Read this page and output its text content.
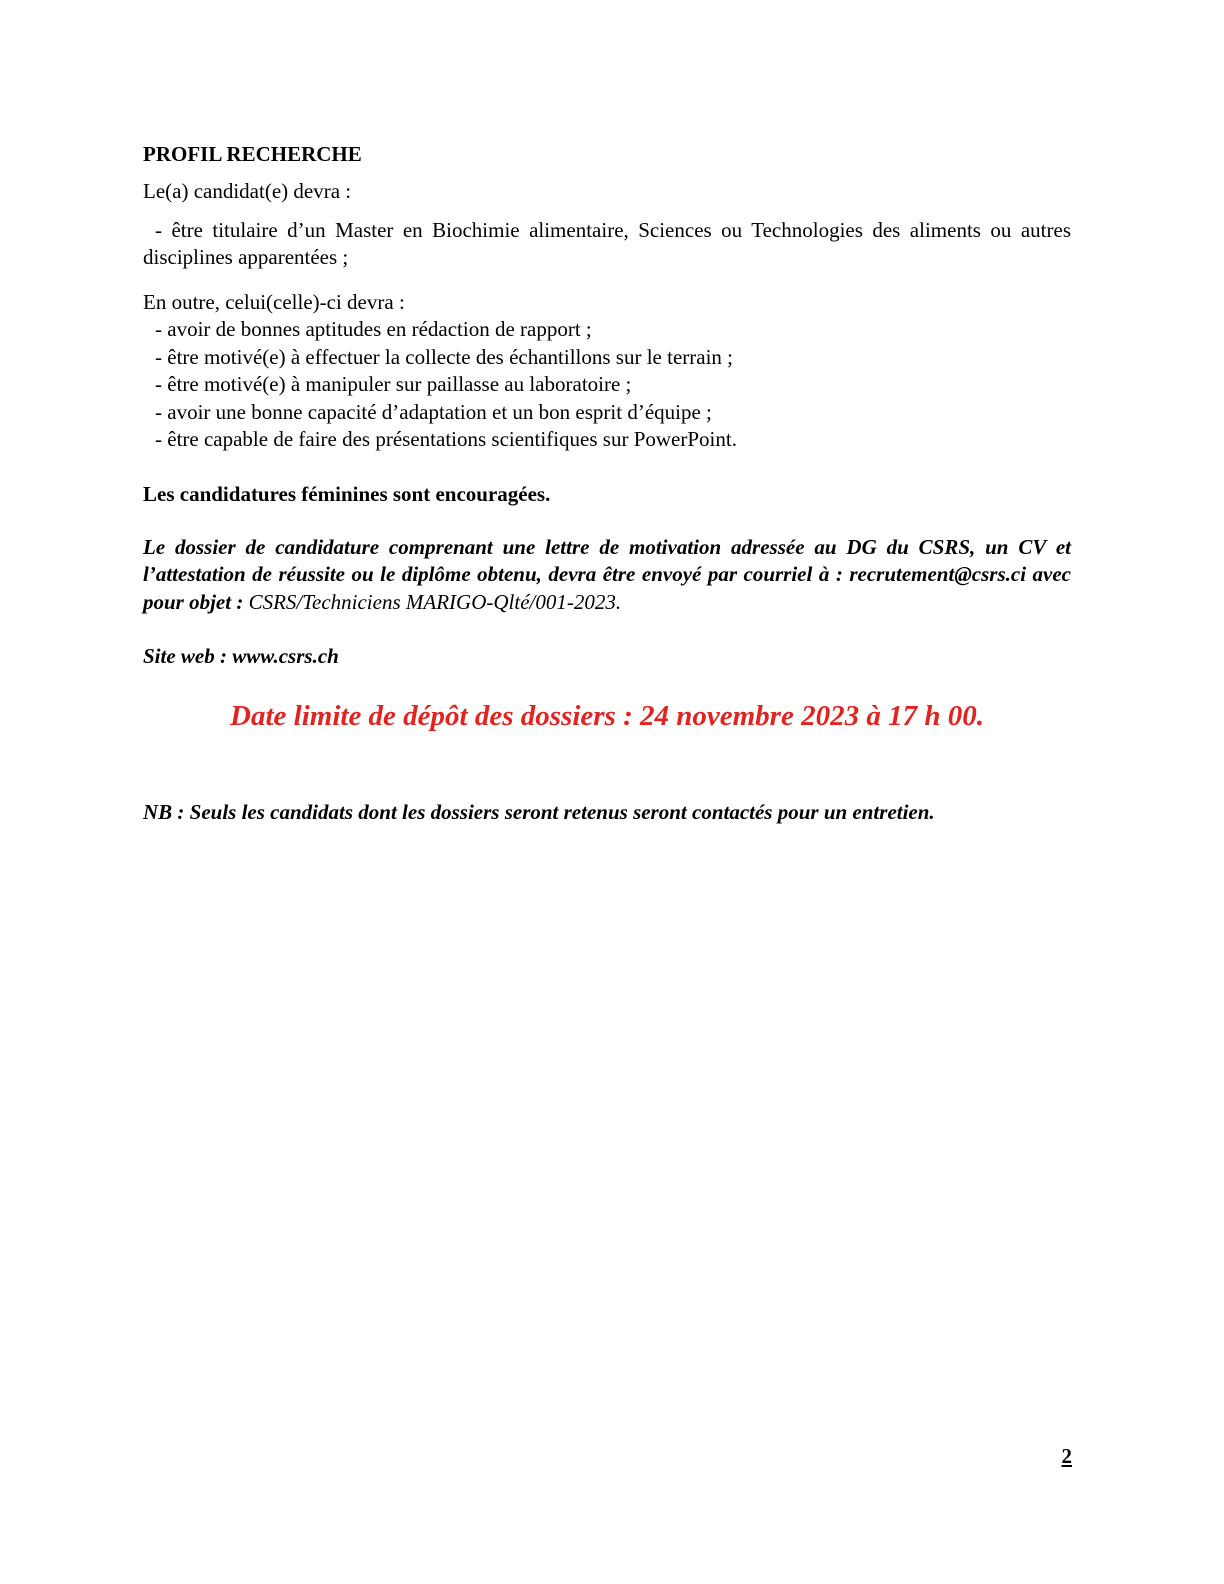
PROFIL RECHERCHE

Le(a) candidat(e) devra :

- être titulaire d’un Master en Biochimie alimentaire, Sciences ou Technologies des aliments ou autres disciplines apparentées ;

En outre, celui(celle)-ci devra :

- avoir de bonnes aptitudes en rédaction de rapport ;
- être motivé(e) à effectuer la collecte des échantillons sur le terrain ;
- être motivé(e) à manipuler sur paillasse au laboratoire ;
- avoir une bonne capacité d’adaptation et un bon esprit d’équipe ;
- être capable de faire des présentations scientifiques sur PowerPoint.
Les candidatures féminines sont encouragées.
Le dossier de candidature comprenant une lettre de motivation adressée au DG du CSRS, un CV et l’attestation de réussite ou le diplôme obtenu, devra être envoyé par courriel à : recrutement@csrs.ci avec pour objet : CSRS/Techniciens MARIGO-Qlté/001-2023.
Site web : www.csrs.ch
Date limite de dépôt des dossiers : 24 novembre 2023 à 17 h 00.
NB : Seuls les candidats dont les dossiers seront retenus seront contactés pour un entretien.
2
